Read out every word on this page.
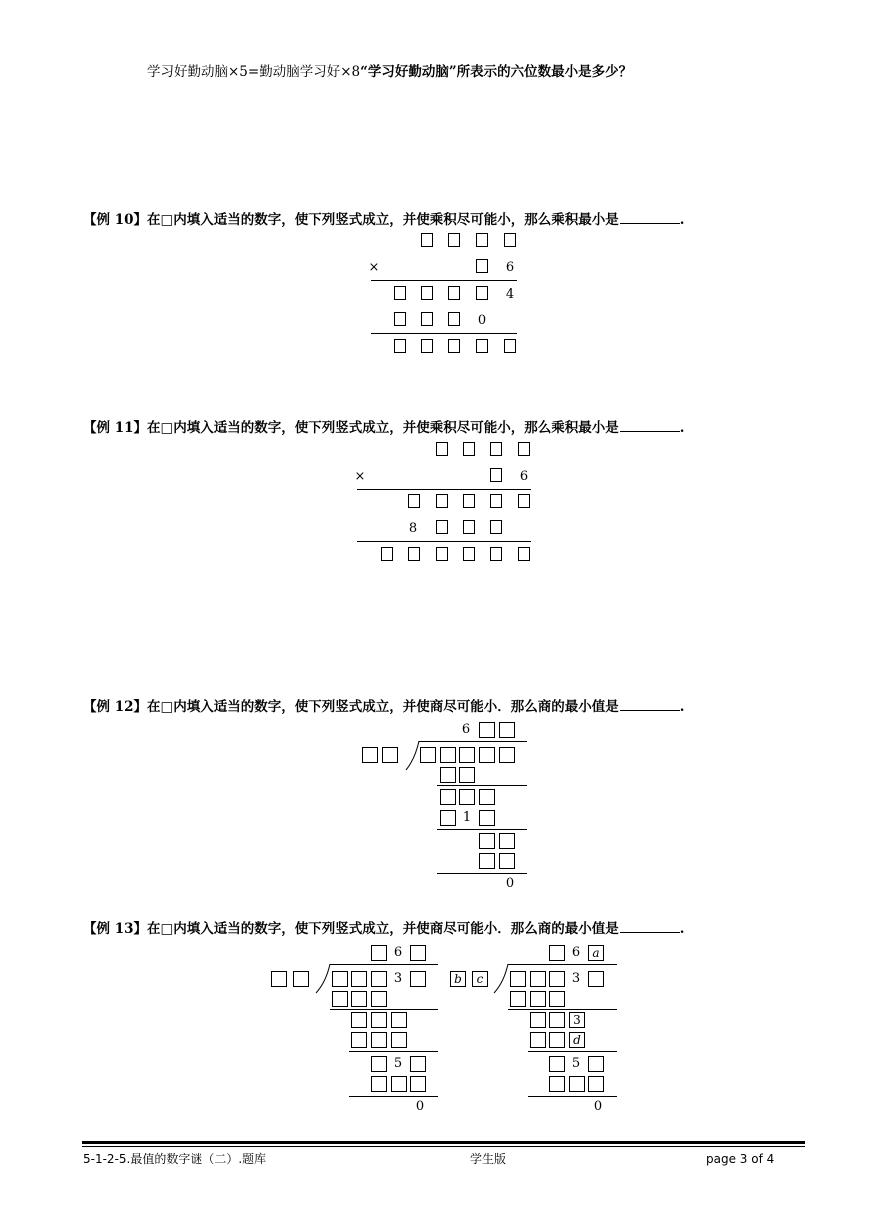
学习好勤动脑×5=勤动脑学习好×8“学习好勤动脑”所表示的六位数最小是多少？
【例 10】在□内填入适当的数字，使下列竖式成立，并使乘积尽可能小，那么乘积最小是	.
×	6
4
0
【例 11】在□内填入适当的数字，使下列竖式成立，并使乘积尽可能小，那么乘积最小是	.
×	6
8
【例 12】在□内填入适当的数字，使下列竖式成立，并使商尽可能小．那么商的最小值是	.
6
1
0
【例 13】在□内填入适当的数字，使下列竖式成立，并使商尽可能小．那么商的最小值是	.
6
3
5
0
6	a
b	c	3
3
d
5
0
5-1-2-5.最值的数字谜（二）.题库	学生版	page 3 of 4
